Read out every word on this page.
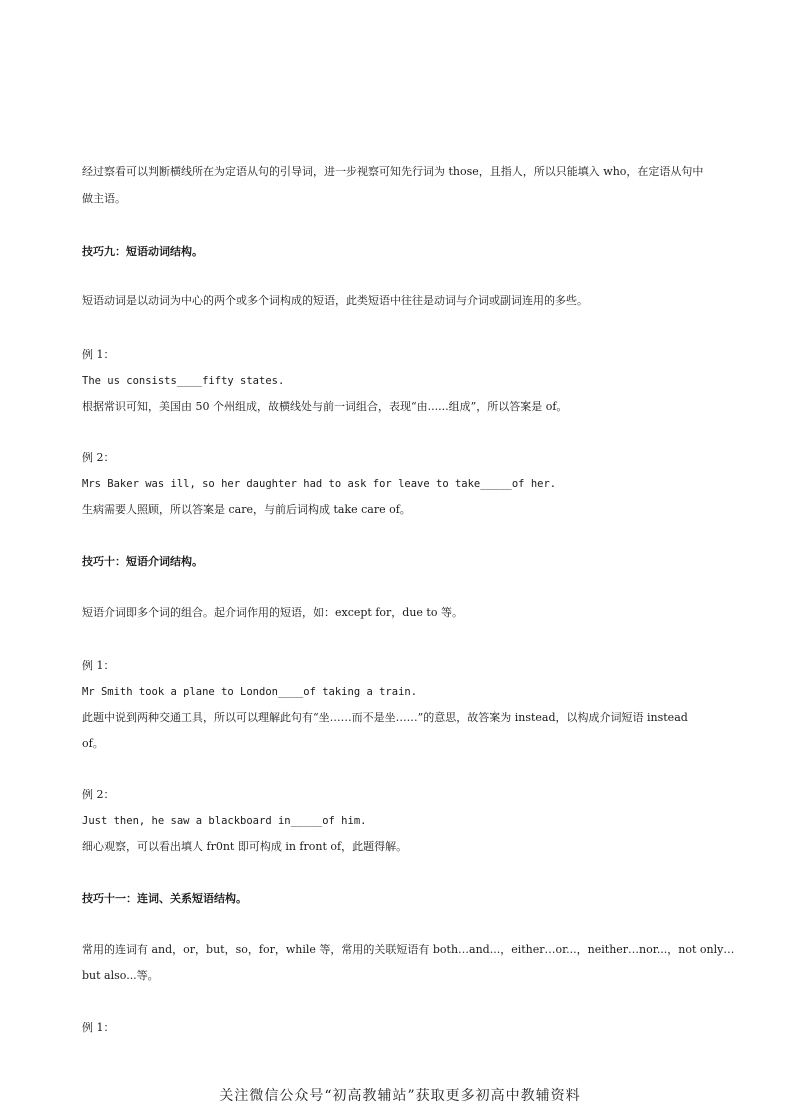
经过察看可以判断横线所在为定语从句的引导词，进一步视察可知先行词为 those，且指人，所以只能填入 who，在定语从句中

做主语。

技巧九：短语动词结构。

短语动词是以动词为中心的两个或多个词构成的短语，此类短语中往往是动词与介词或副词连用的多些。

例 1：

The us consists____fifty states.

根据常识可知，美国由 50 个州组成，故横线处与前一词组合，表现“由......组成”，所以答案是 of。

例 2：

Mrs Baker was ill, so her daughter had to ask for leave to take_____of her.

生病需要人照顾，所以答案是 care，与前后词构成 take care of。

技巧十：短语介词结构。

短语介词即多个词的组合。起介词作用的短语，如：except for，due to 等。

例 1：

Mr Smith took a plane to London____of taking a train.

此题中说到两种交通工具，所以可以理解此句有“坐……而不是坐……”的意思，故答案为 instead，以构成介词短语 instead

of。

例 2：

Just then, he saw a blackboard in_____of him.

细心观察，可以看出填人 fr0nt 即可构成 in front of，此题得解。

技巧十一：连词、关系短语结构。

常用的连词有 and，or，but，so，for，while 等，常用的关联短语有 both…and...，either…or...，neither…nor...，not only…

but also...等。

例 1：

关注微信公众号“初高教辅站”获取更多初高中教辅资料
